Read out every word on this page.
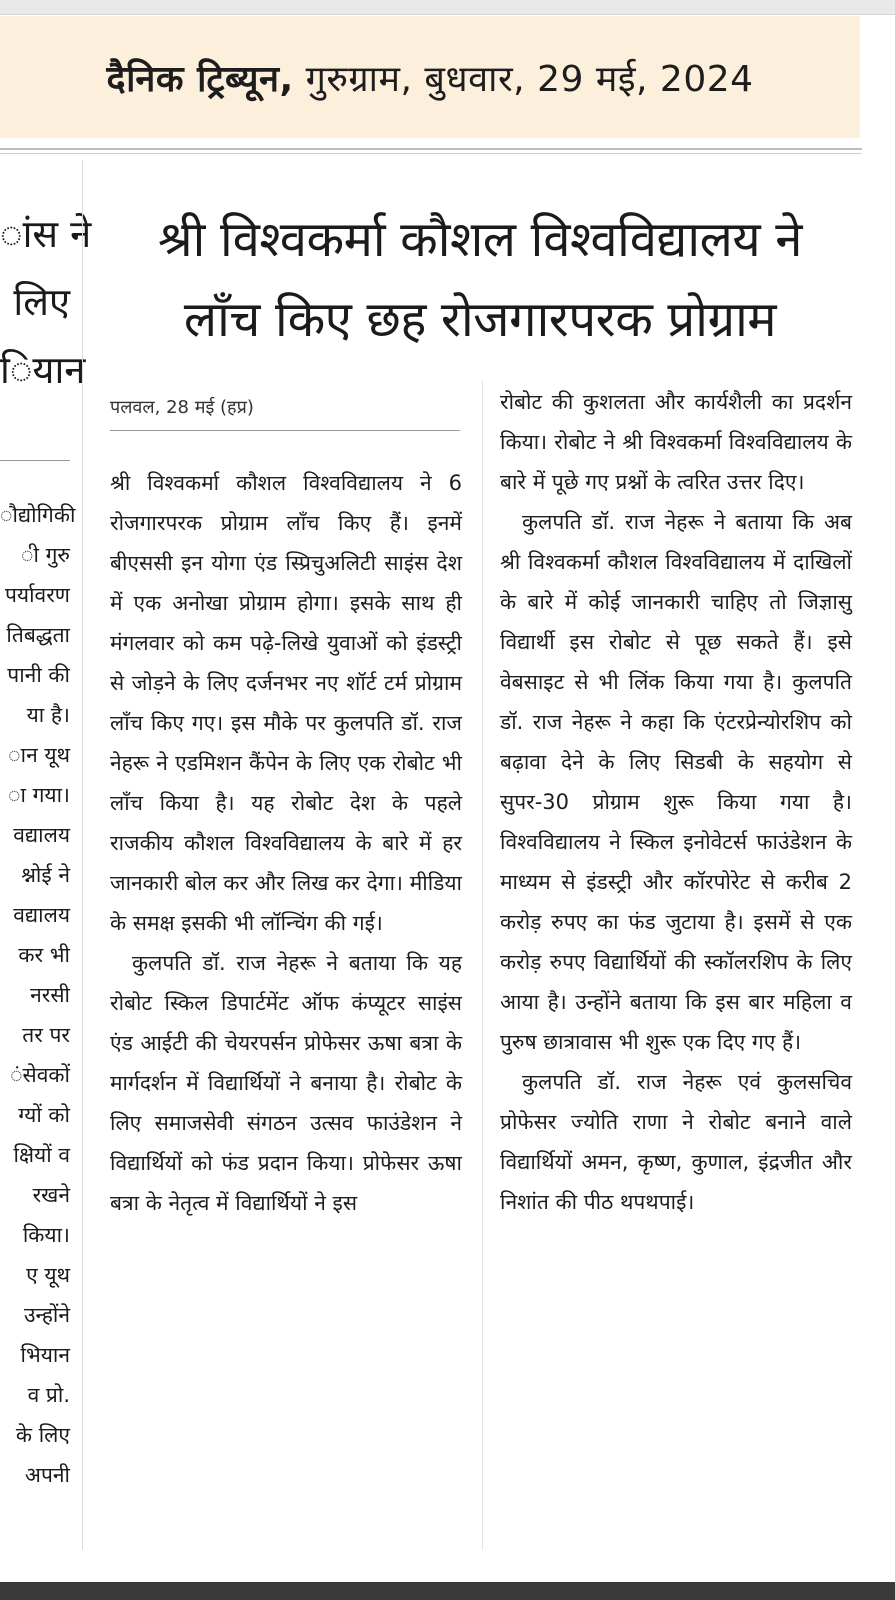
दैनिक ट्रिब्यून, गुरुग्राम, बुधवार, 29 मई, 2024
ांस ने
लिए
ियान
ौद्योगिकी
ी गुरु
पर्यावरण
तिबद्धता
पानी की
या है।
ान यूथ
ा गया।
वद्यालय
श्नोई ने
वद्यालय
कर भी
नरसी
तर पर
ंसेवकों
ग्यों को
क्षियों व
रखने
किया।
ए यूथ
उन्होंने
भियान
व प्रो.
के लिए
अपनी
श्री विश्वकर्मा कौशल विश्वविद्यालय ने
लॉंच किए छह रोजगारपरक प्रोग्राम
पलवल, 28 मई (हप्र)

श्री विश्वकर्मा कौशल विश्वविद्यालय ने 6 रोजगारपरक प्रोग्राम लॉंच किए हैं। इनमें बीएससी इन योगा एंड स्प्रिचुअलिटी साइंस देश में एक अनोखा प्रोग्राम होगा। इसके साथ ही मंगलवार को कम पढ़े-लिखे युवाओं को इंडस्ट्री से जोड़ने के लिए दर्जनभर नए शॉर्ट टर्म प्रोग्राम लॉंच किए गए। इस मौके पर कुलपति डॉ. राज नेहरू ने एडमिशन कैंपेन के लिए एक रोबोट भी लॉंच किया है। यह रोबोट देश के पहले राजकीय कौशल विश्वविद्यालय के बारे में हर जानकारी बोल कर और लिख कर देगा। मीडिया के समक्ष इसकी भी लॉन्चिंग की गई।

कुलपति डॉ. राज नेहरू ने बताया कि यह रोबोट स्किल डिपार्टमेंट ऑफ कंप्यूटर साइंस एंड आईटी की चेयरपर्सन प्रोफेसर ऊषा बत्रा के मार्गदर्शन में विद्यार्थियों ने बनाया है। रोबोट के लिए समाजसेवी संगठन उत्सव फाउंडेशन ने विद्यार्थियों को फंड प्रदान किया। प्रोफेसर ऊषा बत्रा के नेतृत्व में विद्यार्थियों ने इस

रोबोट की कुशलता और कार्यशैली का प्रदर्शन किया। रोबोट ने श्री विश्वकर्मा विश्वविद्यालय के बारे में पूछे गए प्रश्नों के त्वरित उत्तर दिए।

कुलपति डॉ. राज नेहरू ने बताया कि अब श्री विश्वकर्मा कौशल विश्वविद्यालय में दाखिलों के बारे में कोई जानकारी चाहिए तो जिज्ञासु विद्यार्थी इस रोबोट से पूछ सकते हैं। इसे वेबसाइट से भी लिंक किया गया है। कुलपति डॉ. राज नेहरू ने कहा कि एंटरप्रेन्योरशिप को बढ़ावा देने के लिए सिडबी के सहयोग से सुपर-30 प्रोग्राम शुरू किया गया है। विश्वविद्यालय ने स्किल इनोवेटर्स फाउंडेशन के माध्यम से इंडस्ट्री और कॉरपोरेट से करीब 2 करोड़ रुपए का फंड जुटाया है। इसमें से एक करोड़ रुपए विद्यार्थियों की स्कॉलरशिप के लिए आया है। उन्होंने बताया कि इस बार महिला व पुरुष छात्रावास भी शुरू एक दिए गए हैं।

कुलपति डॉ. राज नेहरू एवं कुलसचिव प्रोफेसर ज्योति राणा ने रोबोट बनाने वाले विद्यार्थियों अमन, कृष्ण, कुणाल, इंद्रजीत और निशांत की पीठ थपथपाई।
